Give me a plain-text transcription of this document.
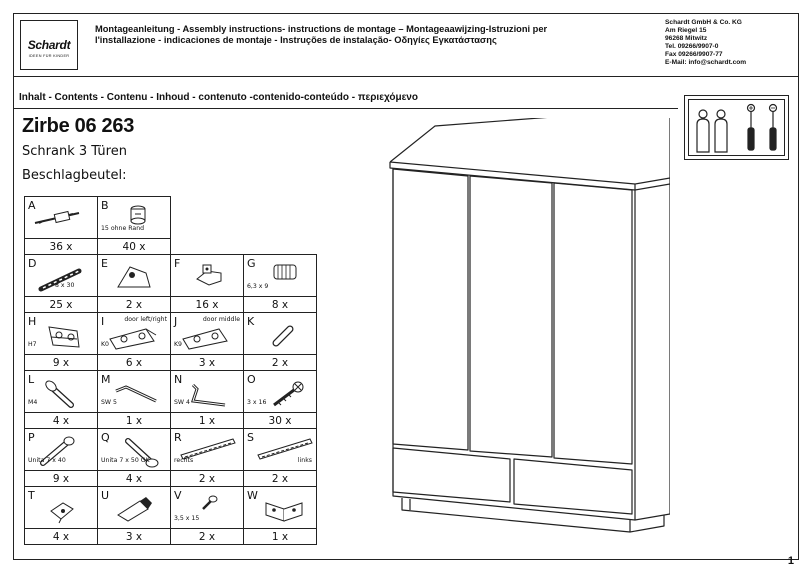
Schardt
IDEEN FÜR KINDER
Montageanleitung - Assembly instructions- instructions de montage – Montageaawijzing-Istruzioni per
l'installazione - indicaciones de montaje - Instruções de instalação- Οδηγίες Εγκατάστασης
Schardt GmbH & Co. KG
Am Riegel 15
96268 Mitwitz
Tel. 09266/9907-0
Fax 09266/9907-77
E-Mail: info@schardt.com
Inhalt - Contents - Contenu - Inhoud - contenuto -contenido-conteúdo - περιεχόμενο
Zirbe 06 263
Schrank 3 Türen
Beschlagbeutel:
A
36 x
B
15 ohne Rand
40 x
D
8 x 30
25 x
E
2 x
F
16 x
G
6,3 x 9
8 x
H
H7
9 x
I
K0
door left/right
6 x
J
K9
door middle
3 x
K
2 x
L
M4
4 x
M
SW 5
1 x
N
SW 4
1 x
O
3 x 16
30 x
P
Unita 7 x 40
9 x
Q
Unita 7 x 50 GK
4 x
R
rechts
2 x
S
links
2 x
T
4 x
U
3 x
V
3,5 x 15
2 x
W
1 x
1
